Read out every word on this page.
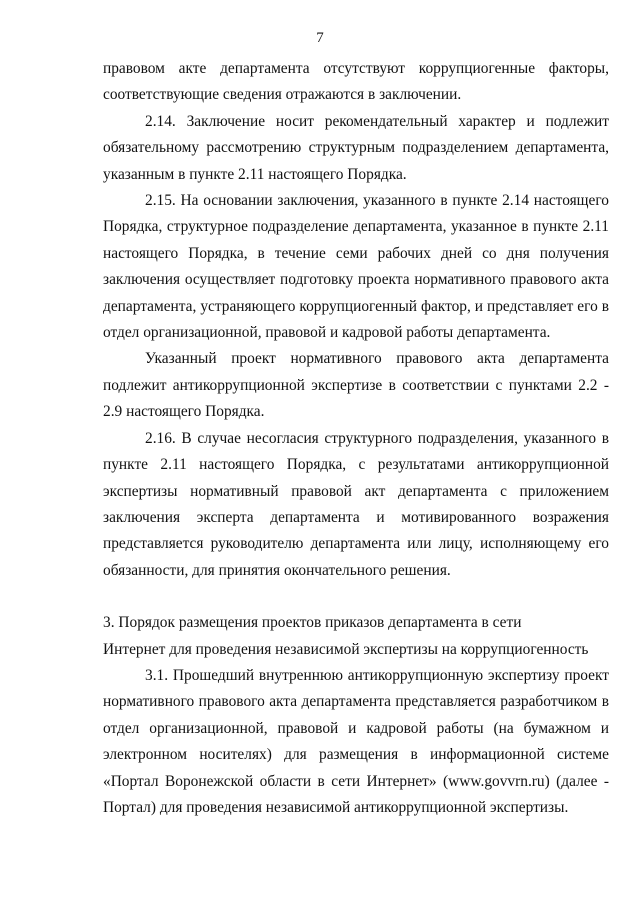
7

правовом акте департамента отсутствуют коррупциогенные факторы, соответствующие сведения отражаются в заключении.

2.14. Заключение носит рекомендательный характер и подлежит обязательному рассмотрению структурным подразделением департамента, указанным в пункте 2.11 настоящего Порядка.

2.15. На основании заключения, указанного в пункте 2.14 настоящего Порядка, структурное подразделение департамента, указанное в пункте 2.11 настоящего Порядка, в течение семи рабочих дней со дня получения заключения осуществляет подготовку проекта нормативного правового акта департамента, устраняющего коррупциогенный фактор, и представляет его в отдел организационной, правовой и кадровой работы департамента.

Указанный проект нормативного правового акта департамента подлежит антикоррупционной экспертизе в соответствии с пунктами 2.2 - 2.9 настоящего Порядка.

2.16. В случае несогласия структурного подразделения, указанного в пункте 2.11 настоящего Порядка, с результатами антикоррупционной экспертизы нормативный правовой акт департамента с приложением заключения эксперта департамента и мотивированного возражения представляется руководителю департамента или лицу, исполняющему его обязанности, для принятия окончательного решения.

3. Порядок размещения проектов приказов департамента в сети

Интернет для проведения независимой экспертизы на коррупциогенность

3.1. Прошедший внутреннюю антикоррупционную экспертизу проект нормативного правового акта департамента представляется разработчиком в отдел организационной, правовой и кадровой работы (на бумажном и электронном носителях) для размещения в информационной системе «Портал Воронежской области в сети Интернет» (www.govvrn.ru) (далее - Портал) для проведения независимой антикоррупционной экспертизы.
